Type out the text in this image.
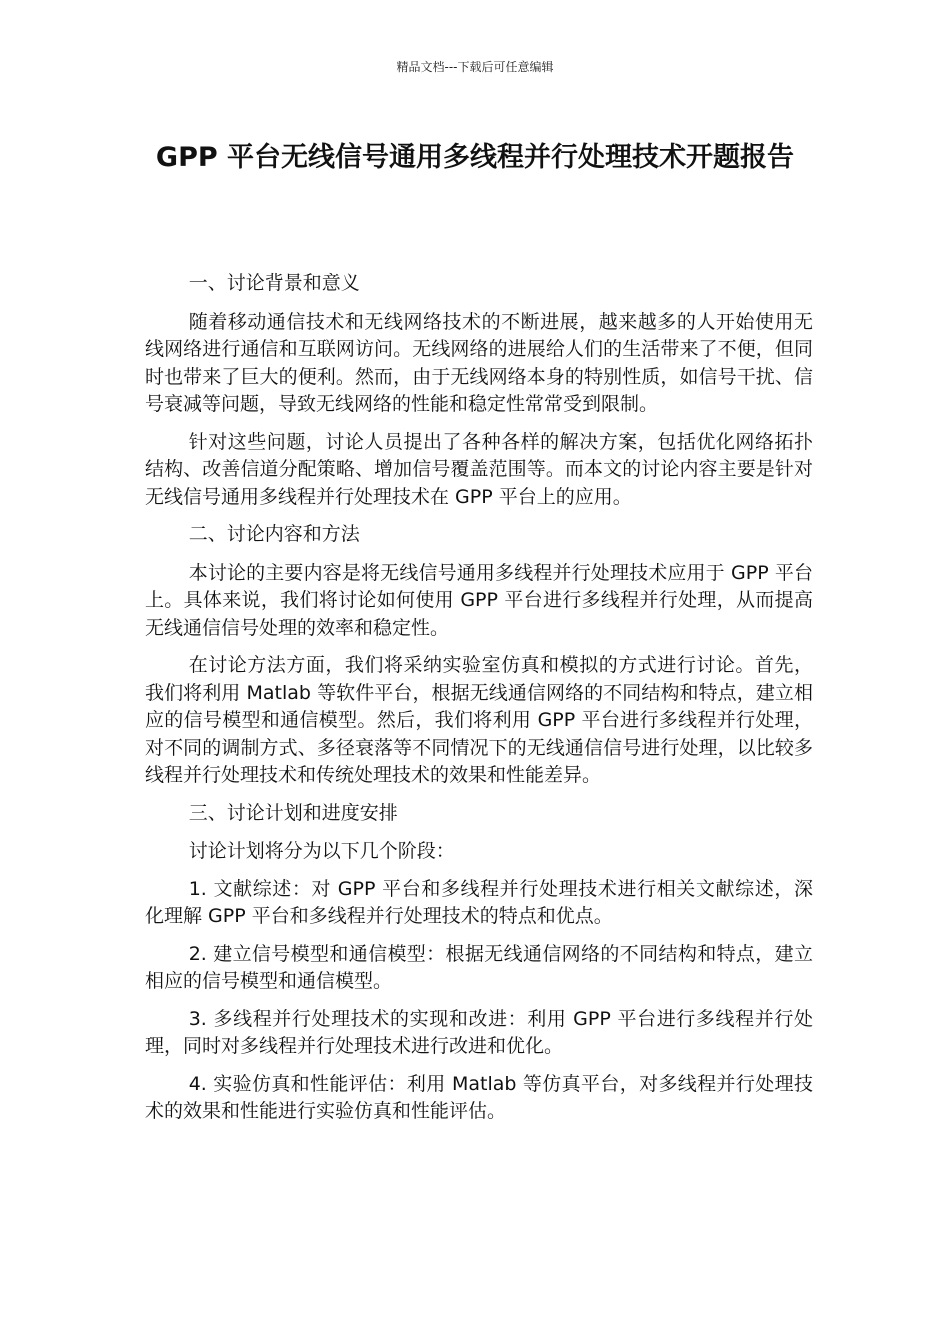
精品文档---下载后可任意编辑
GPP 平台无线信号通用多线程并行处理技术开题报告

一、讨论背景和意义

随着移动通信技术和无线网络技术的不断进展，越来越多的人开始使用无线网络进行通信和互联网访问。无线网络的进展给人们的生活带来了不便，但同时也带来了巨大的便利。然而，由于无线网络本身的特别性质，如信号干扰、信号衰减等问题，导致无线网络的性能和稳定性常常受到限制。

针对这些问题，讨论人员提出了各种各样的解决方案，包括优化网络拓扑结构、改善信道分配策略、增加信号覆盖范围等。而本文的讨论内容主要是针对无线信号通用多线程并行处理技术在 GPP 平台上的应用。

二、讨论内容和方法

本讨论的主要内容是将无线信号通用多线程并行处理技术应用于 GPP 平台上。具体来说，我们将讨论如何使用 GPP 平台进行多线程并行处理，从而提高无线通信信号处理的效率和稳定性。

在讨论方法方面，我们将采纳实验室仿真和模拟的方式进行讨论。首先，我们将利用 Matlab 等软件平台，根据无线通信网络的不同结构和特点，建立相应的信号模型和通信模型。然后，我们将利用 GPP 平台进行多线程并行处理，对不同的调制方式、多径衰落等不同情况下的无线通信信号进行处理，以比较多线程并行处理技术和传统处理技术的效果和性能差异。

三、讨论计划和进度安排

讨论计划将分为以下几个阶段：

1. 文献综述：对 GPP 平台和多线程并行处理技术进行相关文献综述，深化理解 GPP 平台和多线程并行处理技术的特点和优点。

2. 建立信号模型和通信模型：根据无线通信网络的不同结构和特点，建立相应的信号模型和通信模型。

3. 多线程并行处理技术的实现和改进：利用 GPP 平台进行多线程并行处理，同时对多线程并行处理技术进行改进和优化。

4. 实验仿真和性能评估：利用 Matlab 等仿真平台，对多线程并行处理技术的效果和性能进行实验仿真和性能评估。
